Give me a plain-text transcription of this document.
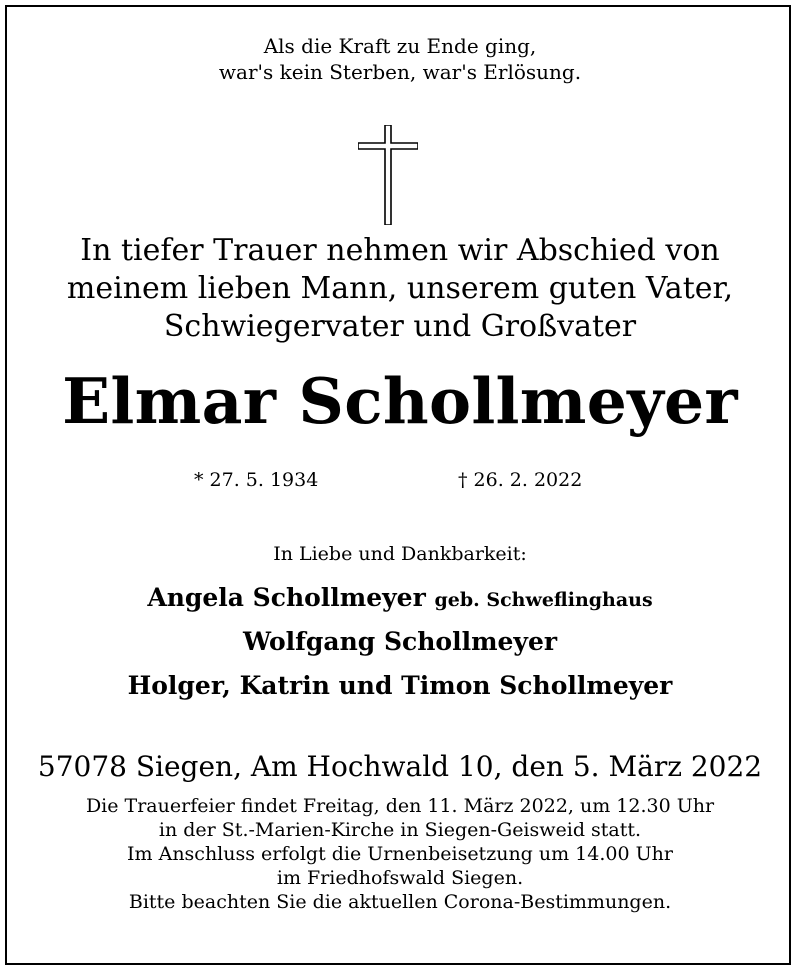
Als die Kraft zu Ende ging,
war's kein Sterben, war's Erlösung.
In tiefer Trauer nehmen wir Abschied von
meinem lieben Mann, unserem guten Vater,
Schwiegervater und Großvater
Elmar Schollmeyer
* 27. 5. 1934	† 26. 2. 2022
In Liebe und Dankbarkeit:
Angela Schollmeyer geb. Schweflinghaus
Wolfgang Schollmeyer
Holger, Katrin und Timon Schollmeyer
57078 Siegen, Am Hochwald 10, den 5. März 2022
Die Trauerfeier findet Freitag, den 11. März 2022, um 12.30 Uhr
in der St.-Marien-Kirche in Siegen-Geisweid statt.
Im Anschluss erfolgt die Urnenbeisetzung um 14.00 Uhr
im Friedhofswald Siegen.
Bitte beachten Sie die aktuellen Corona-Bestimmungen.
